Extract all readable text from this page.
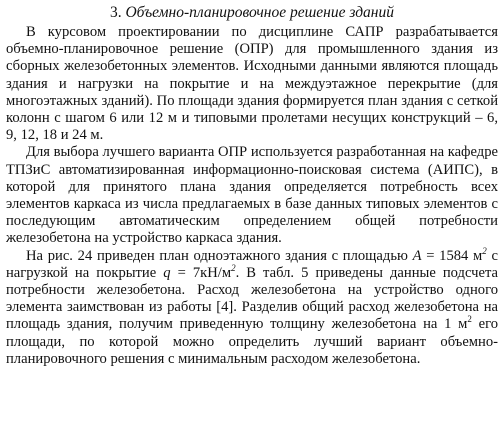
3. Объемно-планировочное решение зданий

В курсовом проектировании по дисциплине САПР разрабатывается объемно-планировочное решение (ОПР) для промышленного здания из сборных железобетонных элементов. Исходными данными являются площадь здания и нагрузки на покрытие и на междуэтажное перекрытие (для многоэтажных зданий). По площади здания формируется план здания с сеткой колонн с шагом 6 или 12 м и типовыми пролетами несущих конструкций – 6, 9, 12, 18 и 24 м.

Для выбора лучшего варианта ОПР используется разработанная на кафедре ТПЗиС автоматизированная информационно-поисковая система (АИПС), в которой для принятого плана здания определяется потребность всех элементов каркаса из числа предлагаемых в базе данных типовых элементов с последующим автоматическим определением общей потребности железобетона на устройство каркаса здания.

На рис. 24 приведен план одноэтажного здания с площадью A = 1584 $м^2$ с нагрузкой на покрытие $q = 7кН/м^2$. В табл. 5 приведены данные подсчета потребности железобетона. Расход железобетона на устройство одного элемента заимствован из работы [4]. Разделив общий расход железобетона на площадь здания, получим приведенную толщину железобетона на 1 $м^2$ его площади, по которой можно определить лучший вариант объемно-планировочного решения с минимальным расходом железобетона.
